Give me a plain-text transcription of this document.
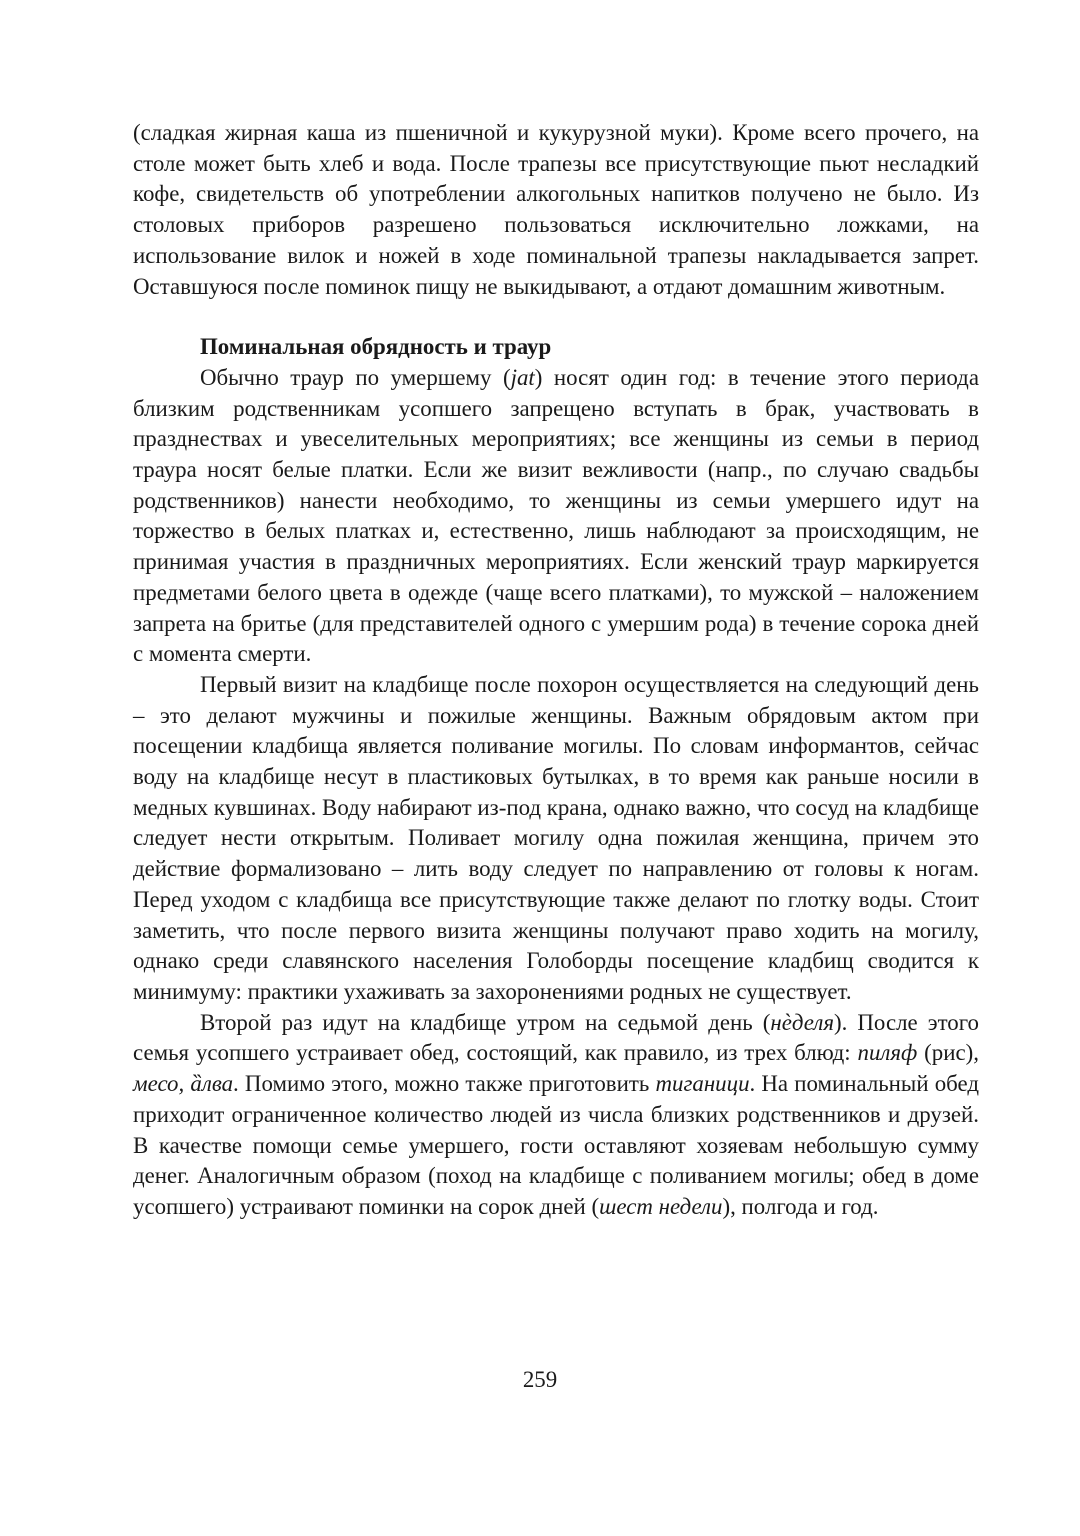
(сладкая жирная каша из пшеничной и кукурузной муки). Кроме всего прочего, на столе может быть хлеб и вода. После трапезы все присутствующие пьют несладкий кофе, свидетельств об употреблении алкогольных напитков получено не было. Из столовых приборов разрешено пользоваться исключительно ложками, на использование вилок и ножей в ходе поминальной трапезы накладывается запрет. Оставшуюся после поминок пищу не выкидывают, а отдают домашним животным.

Поминальная обрядность и траур

Обычно траур по умершему (jat) носят один год: в течение этого периода близким родственникам усопшего запрещено вступать в брак, участвовать в празднествах и увеселительных мероприятиях; все женщины из семьи в период траура носят белые платки. Если же визит вежливости (напр., по случаю свадьбы родственников) нанести необходимо, то женщины из семьи умершего идут на торжество в белых платках и, естественно, лишь наблюдают за происходящим, не принимая участия в праздничных мероприятиях. Если женский траур маркируется предметами белого цвета в одежде (чаще всего платками), то мужской – наложением запрета на бритье (для представителей одного с умершим рода) в течение сорока дней с момента смерти.

Первый визит на кладбище после похорон осуществляется на следующий день – это делают мужчины и пожилые женщины. Важным обрядовым актом при посещении кладбища является поливание могилы. По словам информантов, сейчас воду на кладбище несут в пластиковых бутылках, в то время как раньше носили в медных кувшинах. Воду набирают из-под крана, однако важно, что сосуд на кладбище следует нести открытым. Поливает могилу одна пожилая женщина, причем это действие формализовано – лить воду следует по направлению от головы к ногам. Перед уходом с кладбища все присутствующие также делают по глотку воды. Стоит заметить, что после первого визита женщины получают право ходить на могилу, однако среди славянского населения Голоборды посещение кладбищ сводится к минимуму: практики ухаживать за захоронениями родных не существует.

Второй раз идут на кладбище утром на седьмой день (нѐделя). После этого семья усопшего устраивает обед, состоящий, как правило, из трех блюд: пиляф (рис), месо, ȁлва. Помимо этого, можно также приготовить тиганици. На поминальный обед приходит ограниченное количество людей из числа близких родственников и друзей. В качестве помощи семье умершего, гости оставляют хозяевам небольшую сумму денег. Аналогичным образом (поход на кладбище с поливанием могилы; обед в доме усопшего) устраивают поминки на сорок дней (шест недели), полгода и год.

259
